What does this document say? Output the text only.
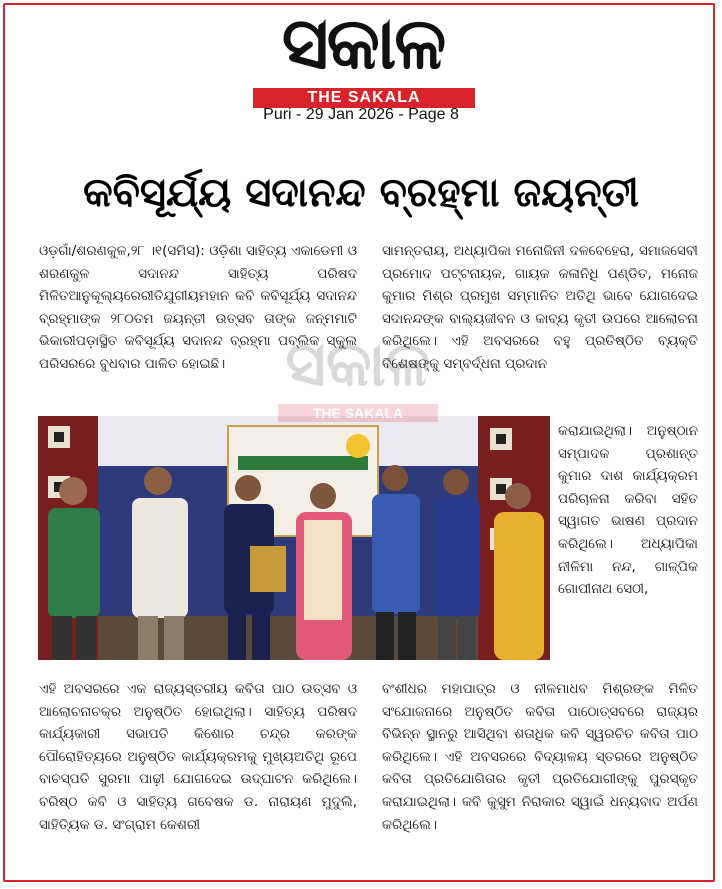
ସକାଳ
THE SAKALA
Puri - 29 Jan 2026 - Page 8
କବିସୂର୍ଯ୍ୟ ସଦାନନ୍ଦ ବ୍ରହ୍ମା ଜୟନ୍ତୀ
ଓଡ଼ଗାଁ/ଶରଣକୁଳ,୨୮ ।୧(ସମିସ): ଓଡ଼ିଶା ସାହିତ୍ୟ ଏକାଡେମୀ ଓ ଶରଣକୁଳ ସଦାନନ୍ଦ ସାହିତ୍ୟ ପରିଷଦ ମିଳିତଆନୁକୂଲ୍ୟରେରୀତିଯୁଗୀୟମହାନ କବି କବିସୂର୍ଯ୍ୟ ସଦାନନ୍ଦ ବ୍ରହ୍ମାଙ୍କ ୨୮୦ତମ ଜୟନ୍ତୀ ଉତ୍ସବ ତାଙ୍କ ଜନ୍ମମାଟି ଭିକାରୀପଡ଼ାସ୍ଥିତ କବିସୂର୍ଯ୍ୟ ସଦାନନ୍ଦ ବ୍ରହ୍ମା ପବ୍ଲିକ ସ୍କୁଲ ପରିସରରେ ବୁଧବାର ପାଳିତ ହୋଇଛି।
ସାମନ୍ତରାୟ, ଅଧ୍ୟାପିକା ମନୋଜିନୀ ଦଳବେହେରା, ସମାଜସେବୀ ପ୍ରମୋଦ ପଟ୍ଟନାୟକ, ଗାୟକ କଳାନିଧି ପଣ୍ଡିତ, ମନୋଜ କୁମାର ମିଶ୍ର ପ୍ରମୁଖ ସମ୍ମାନିତ ଅତିଥି ଭାବେ ଯୋଗଦେଇ ସଦାନନ୍ଦଙ୍କ ବାଲ୍ୟଜୀବନ ଓ କାବ୍ୟ କୃତୀ ଉପରେ ଆଲୋଚନା କରିଥିଲେ। ଏହି ଅବସରରେ ବହୁ ପ୍ରତିଷ୍ଠିତ ବ୍ୟକ୍ତି ବିଶେଷଙ୍କୁ ସମ୍ବର୍ଦ୍ଧନା ପ୍ରଦାନ
କରାଯାଇଥିଲା। ଅନୁଷ୍ଠାନ ସମ୍ପାଦକ ପ୍ରଶାନ୍ତ କୁମାର ଦାଶ କାର୍ଯ୍ୟକ୍ରମ ପରିଚାଳନା କରିବା ସହିତ ସ୍ୱାଗତ ଭାଷଣ ପ୍ରଦାନ କରିଥିଲେ। ଅଧ୍ୟାପିକା ନୀଳିମା ନନ୍ଦ, ଗାଳ୍ପିକ ଗୋପୀନାଥ ସେଠୀ,
ଏହି ଅବସରରେ ଏକ ରାଜ୍ୟସ୍ତରୀୟ କବିତା ପାଠ ଉତ୍ସବ ଓ ଆଲୋଚନାଚକ୍ର ଅନୁଷ୍ଠିତ ହୋଇଥିଲା। ସାହିତ୍ୟ ପରିଷଦ କାର୍ଯ୍ୟକାରୀ ସଭାପତି କିଶୋର ଚନ୍ଦ୍ର କରଙ୍କ ପୌରୋହିତ୍ୟରେ ଅନୁଷ୍ଠିତ କାର୍ଯ୍ୟକ୍ରମକୁ ମୁଖ୍ୟଅତିଥି ରୂପେ ବାଚସ୍ପତି ସୁରମା ପାଢ଼ୀ ଯୋଗଦେଇ ଉଦ୍‌ଘାଟନ କରିଥିଲେ। ବରିଷ୍ଠ କବି ଓ ସାହିତ୍ୟ ଗବେଷକ ଡ. ନାରାୟଣ ମୁଦୁଲି, ସାହିତ୍ୟିକ ଡ. ସଂଗ୍ରାମ କେଶରୀ
ବଂଶୀଧର ମହାପାତ୍ର ଓ ନୀଳମାଧବ ମିଶ୍ରଙ୍କ ମିଳିତ ସଂଯୋଜନାରେ ଅନୁଷ୍ଠିତ କବିତା ପାଠୋତ୍ସବରେ ରାଜ୍ୟର ବିଭିନ୍ନ ସ୍ଥାନରୁ ଆସିଥିବା ଶତାଧିକ କବି ସ୍ୱରଚିତ କବିତା ପାଠ କରିଥିଲେ। ଏହି ଅବସରରେ ବିଦ୍ୟାଳୟ ସ୍ତରରେ ଅନୁଷ୍ଠିତ କବିତା ପ୍ରତିଯୋଗିତାର କୃତୀ ପ୍ରତିଯୋଗୀଙ୍କୁ ପୁରସ୍କୃତ କରାଯାଇଥିଲା। କବି କୁସୁମ ନିରାକାର ସ୍ୱାଇଁ ଧନ୍ୟବାଦ ଅର୍ପଣ କରିଥିଲେ।
ସକାଳ
THE SAKALA
